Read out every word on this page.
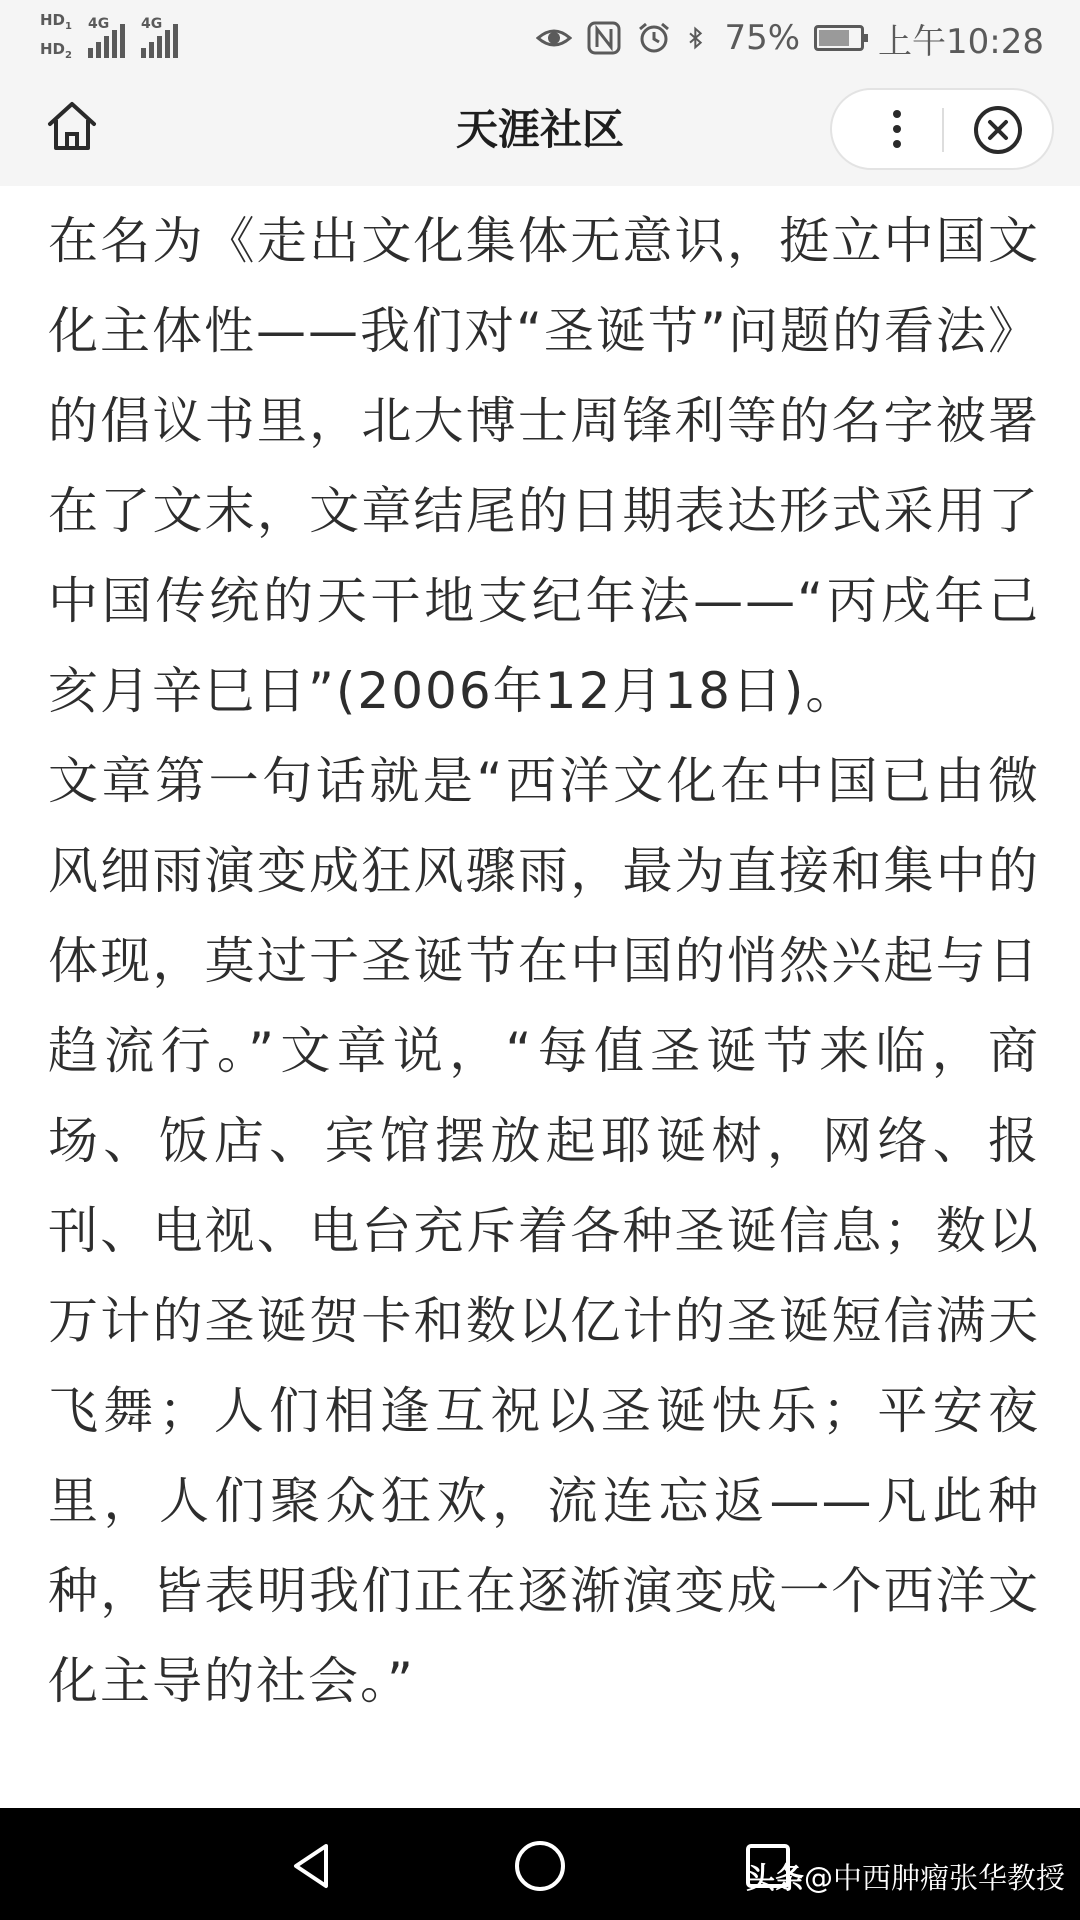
$HD_1$
$HD_2$
4G 4G	75% 上午10:28
天涯社区

在名为《走出文化集体无意识，挺立中国文化主体性——我们对“圣诞节”问题的看法》的倡议书里，北大博士周锋利等的名字被署在了文末，文章结尾的日期表达形式采用了中国传统的天干地支纪年法——“丙戌年己亥月辛巳日”(2006年12月18日)。

文章第一句话就是“西洋文化在中国已由微风细雨演变成狂风骤雨，最为直接和集中的体现，莫过于圣诞节在中国的悄然兴起与日趋流行。”文章说，“每值圣诞节来临，商场、饭店、宾馆摆放起耶诞树，网络、报刊、电视、电台充斥着各种圣诞信息；数以万计的圣诞贺卡和数以亿计的圣诞短信满天飞舞；人们相逢互祝以圣诞快乐；平安夜里，人们聚众狂欢，流连忘返——凡此种种，皆表明我们正在逐渐演变成一个西洋文化主导的社会。”

头条@中西肿瘤张华教授
